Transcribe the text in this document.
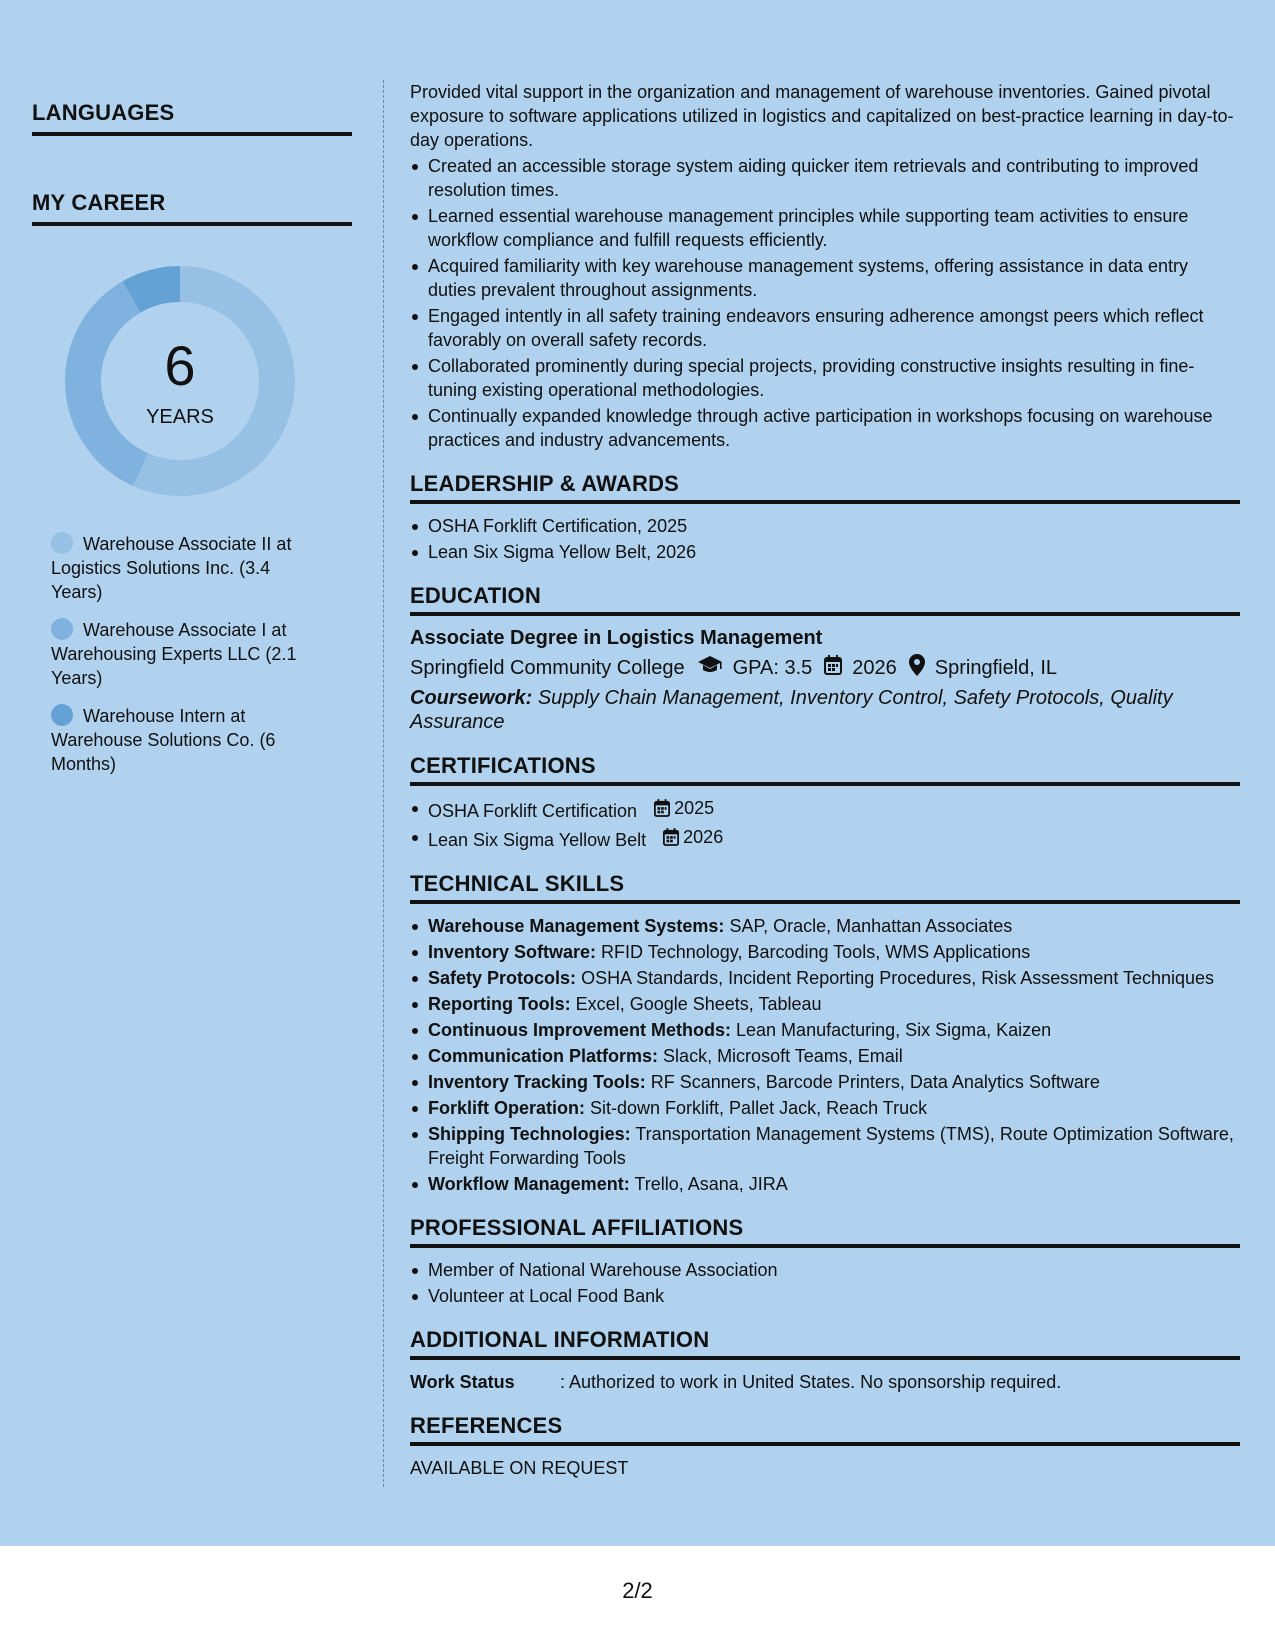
LANGUAGES
MY CAREER
6
YEARS
Warehouse Associate II at Logistics Solutions Inc. (3.4 Years)
Warehouse Associate I at Warehousing Experts LLC (2.1 Years)
Warehouse Intern at Warehouse Solutions Co. (6 Months)

Provided vital support in the organization and management of warehouse inventories. Gained pivotal exposure to software applications utilized in logistics and capitalized on best-practice learning in day-to-day operations.

Created an accessible storage system aiding quicker item retrievals and contributing to improved resolution times.
Learned essential warehouse management principles while supporting team activities to ensure workflow compliance and fulfill requests efficiently.
Acquired familiarity with key warehouse management systems, offering assistance in data entry duties prevalent throughout assignments.
Engaged intently in all safety training endeavors ensuring adherence amongst peers which reflect favorably on overall safety records.
Collaborated prominently during special projects, providing constructive insights resulting in fine-tuning existing operational methodologies.
Continually expanded knowledge through active participation in workshops focusing on warehouse practices and industry advancements.
LEADERSHIP & AWARDS
OSHA Forklift Certification, 2025
Lean Six Sigma Yellow Belt, 2026
EDUCATION
Associate Degree in Logistics Management
Springfield Community College GPA: 3.5 2026 Springfield, IL
Coursework: Supply Chain Management, Inventory Control, Safety Protocols, Quality Assurance
CERTIFICATIONS
OSHA Forklift Certification 2025
Lean Six Sigma Yellow Belt 2026
TECHNICAL SKILLS
Warehouse Management Systems: SAP, Oracle, Manhattan Associates
Inventory Software: RFID Technology, Barcoding Tools, WMS Applications
Safety Protocols: OSHA Standards, Incident Reporting Procedures, Risk Assessment Techniques
Reporting Tools: Excel, Google Sheets, Tableau
Continuous Improvement Methods: Lean Manufacturing, Six Sigma, Kaizen
Communication Platforms: Slack, Microsoft Teams, Email
Inventory Tracking Tools: RF Scanners, Barcode Printers, Data Analytics Software
Forklift Operation: Sit-down Forklift, Pallet Jack, Reach Truck
Shipping Technologies: Transportation Management Systems (TMS), Route Optimization Software, Freight Forwarding Tools
Workflow Management: Trello, Asana, JIRA
PROFESSIONAL AFFILIATIONS
Member of National Warehouse Association
Volunteer at Local Food Bank
ADDITIONAL INFORMATION
Work Status	: Authorized to work in United States. No sponsorship required.
REFERENCES
AVAILABLE ON REQUEST
2/2
